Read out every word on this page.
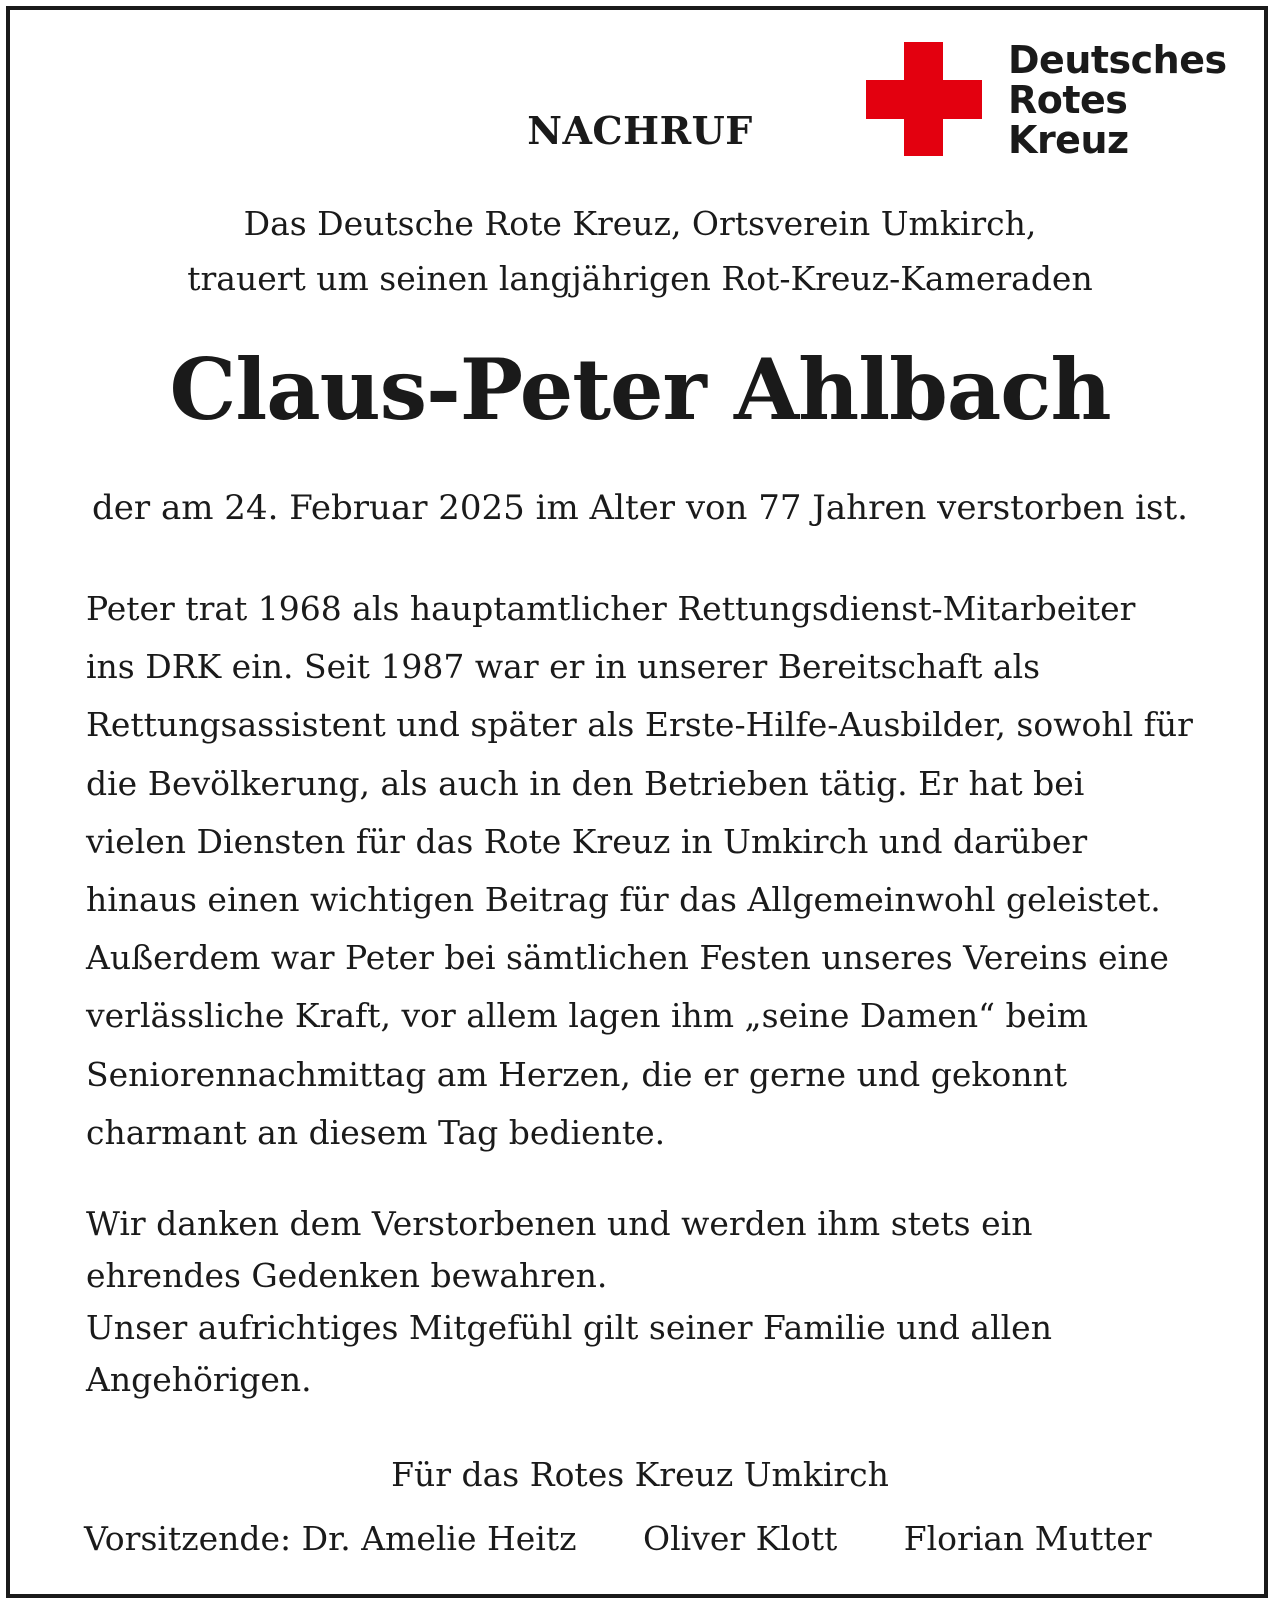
NACHRUF
Deutsches
Rotes
Kreuz
Das Deutsche Rote Kreuz, Ortsverein Umkirch,
trauert um seinen langjährigen Rot-Kreuz-Kameraden
Claus-Peter Ahlbach
der am 24. Februar 2025 im Alter von 77 Jahren verstorben ist.
Peter trat 1968 als hauptamtlicher Rettungsdienst-Mitarbeiter
ins DRK ein. Seit 1987 war er in unserer Bereitschaft als
Rettungsassistent und später als Erste-Hilfe-Ausbilder, sowohl für
die Bevölkerung, als auch in den Betrieben tätig. Er hat bei
vielen Diensten für das Rote Kreuz in Umkirch und darüber
hinaus einen wichtigen Beitrag für das Allgemeinwohl geleistet.
Außerdem war Peter bei sämtlichen Festen unseres Vereins eine
verlässliche Kraft, vor allem lagen ihm „seine Damen“ beim
Seniorennachmittag am Herzen, die er gerne und gekonnt
charmant an diesem Tag bediente.
Wir danken dem Verstorbenen und werden ihm stets ein
ehrendes Gedenken bewahren.
Unser aufrichtiges Mitgefühl gilt seiner Familie und allen
Angehörigen.
Für das Rotes Kreuz Umkirch
Vorsitzende: Dr. Amelie Heitz Oliver Klott Florian Mutter
